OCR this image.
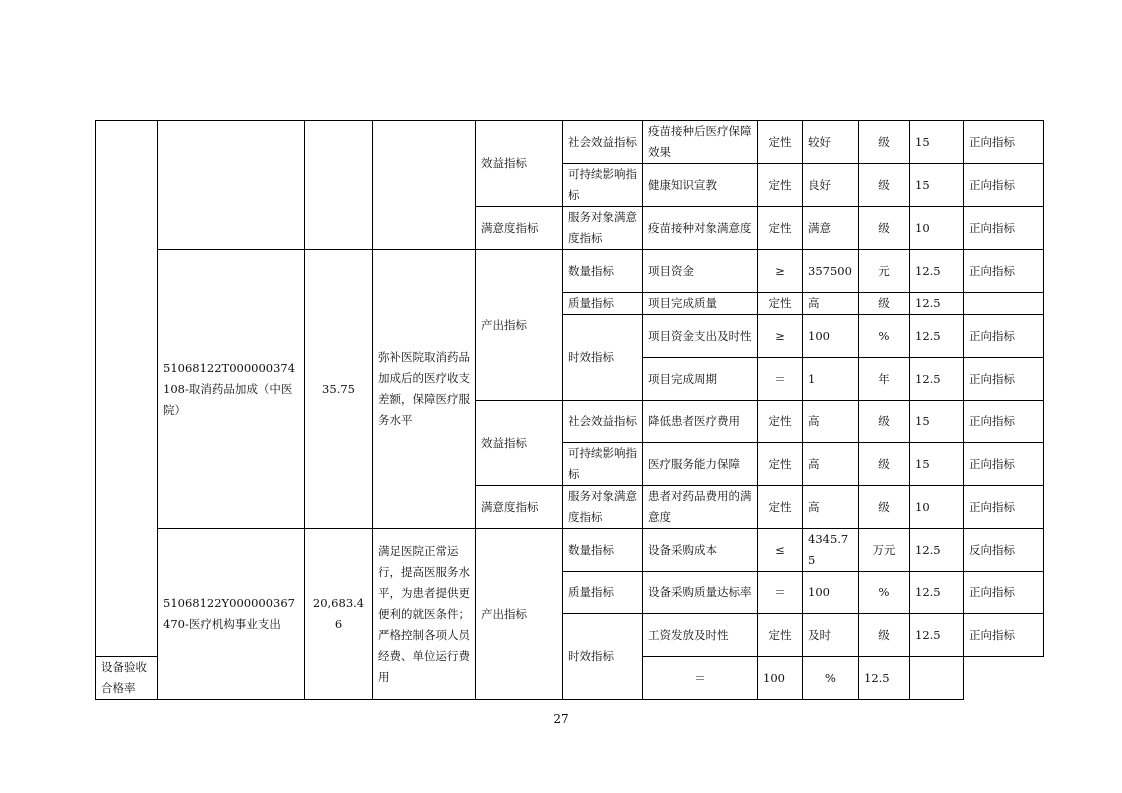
				效益指标	社会效益指标	疫苗接种后医疗保障效果	定性	较好	级	15	正向指标
					可持续影响指标	健康知识宣教	定性	良好	级	15	正向指标
				满意度指标	服务对象满意度指标	疫苗接种对象满意度	定性	满意	级	10	正向指标
	51068122T000000374108-取消药品加成（中医院）	35.75	弥补医院取消药品加成后的医疗收支差额，保障医疗服务水平	产出指标	数量指标	项目资金	≥	357500	元	12.5	正向指标
					质量指标	项目完成质量	定性	高	级	12.5	
					时效指标	项目资金支出及时性	≥	100	%	12.5	正向指标
						项目完成周期	＝	1	年	12.5	正向指标
				效益指标	社会效益指标	降低患者医疗费用	定性	高	级	15	正向指标
					可持续影响指标	医疗服务能力保障	定性	高	级	15	正向指标
				满意度指标	服务对象满意度指标	患者对药品费用的满意度	定性	高	级	10	正向指标
	51068122Y000000367470-医疗机构事业支出	20,683.46	满足医院正常运行，提高医服务水平，为患者提供更便利的就医条件；严格控制各项人员经费、单位运行费用	产出指标	数量指标	设备采购成本	≤	4345.75	万元	12.5	反向指标
					质量指标	设备采购质量达标率	＝	100	%	12.5	正向指标
					时效指标	工资发放及时性	定性	及时	级	12.5	正向指标
设备验收合格率						＝	100	%	12.5		
27
